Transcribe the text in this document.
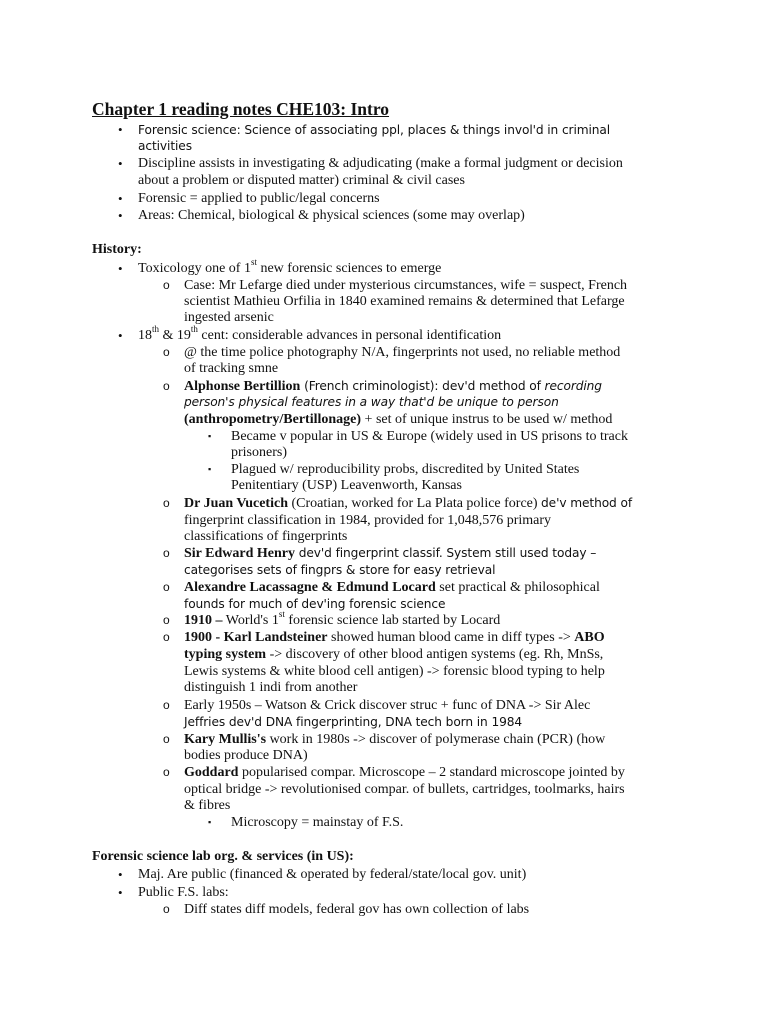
Chapter 1 reading notes CHE103: Intro
• Forensic science: Science of associating ppl, places & things invol'd in criminal
activities
• Discipline assists in investigating & adjudicating (make a formal judgment or decision
about a problem or disputed matter) criminal & civil cases
• Forensic = applied to public/legal concerns
• Areas: Chemical, biological & physical sciences (some may overlap)
History:
• Toxicology one of 1st new forensic sciences to emerge
o Case: Mr Lefarge died under mysterious circumstances, wife = suspect, French
scientist Mathieu Orfilia in 1840 examined remains & determined that Lefarge
ingested arsenic
• 18th & 19th cent: considerable advances in personal identification
o @ the time police photography N/A, fingerprints not used, no reliable method
of tracking smne
o Alphonse Bertillion (French criminologist): dev'd method of recording
person's physical features in a way that'd be unique to person
(anthropometry/Bertillonage) + set of unique instrus to be used w/ method
▪ Became v popular in US & Europe (widely used in US prisons to track
prisoners)
▪ Plagued w/ reproducibility probs, discredited by United States
Penitentiary (USP) Leavenworth, Kansas
o Dr Juan Vucetich (Croatian, worked for La Plata police force) de'v method of
fingerprint classification in 1984, provided for 1,048,576 primary
classifications of fingerprints
o Sir Edward Henry dev'd fingerprint classif. System still used today –
categorises sets of fingprs & store for easy retrieval
o Alexandre Lacassagne & Edmund Locard set practical & philosophical
founds for much of dev'ing forensic science
o 1910 – World's 1st forensic science lab started by Locard
o 1900 - Karl Landsteiner showed human blood came in diff types -> ABO
typing system -> discovery of other blood antigen systems (eg. Rh, MnSs,
Lewis systems & white blood cell antigen) -> forensic blood typing to help
distinguish 1 indi from another
o Early 1950s – Watson & Crick discover struc + func of DNA -> Sir Alec
Jeffries dev'd DNA fingerprinting, DNA tech born in 1984
o Kary Mullis's work in 1980s -> discover of polymerase chain (PCR) (how
bodies produce DNA)
o Goddard popularised compar. Microscope – 2 standard microscope jointed by
optical bridge -> revolutionised compar. of bullets, cartridges, toolmarks, hairs
& fibres
▪ Microscopy = mainstay of F.S.
Forensic science lab org. & services (in US):
• Maj. Are public (financed & operated by federal/state/local gov. unit)
• Public F.S. labs:
o Diff states diff models, federal gov has own collection of labs
